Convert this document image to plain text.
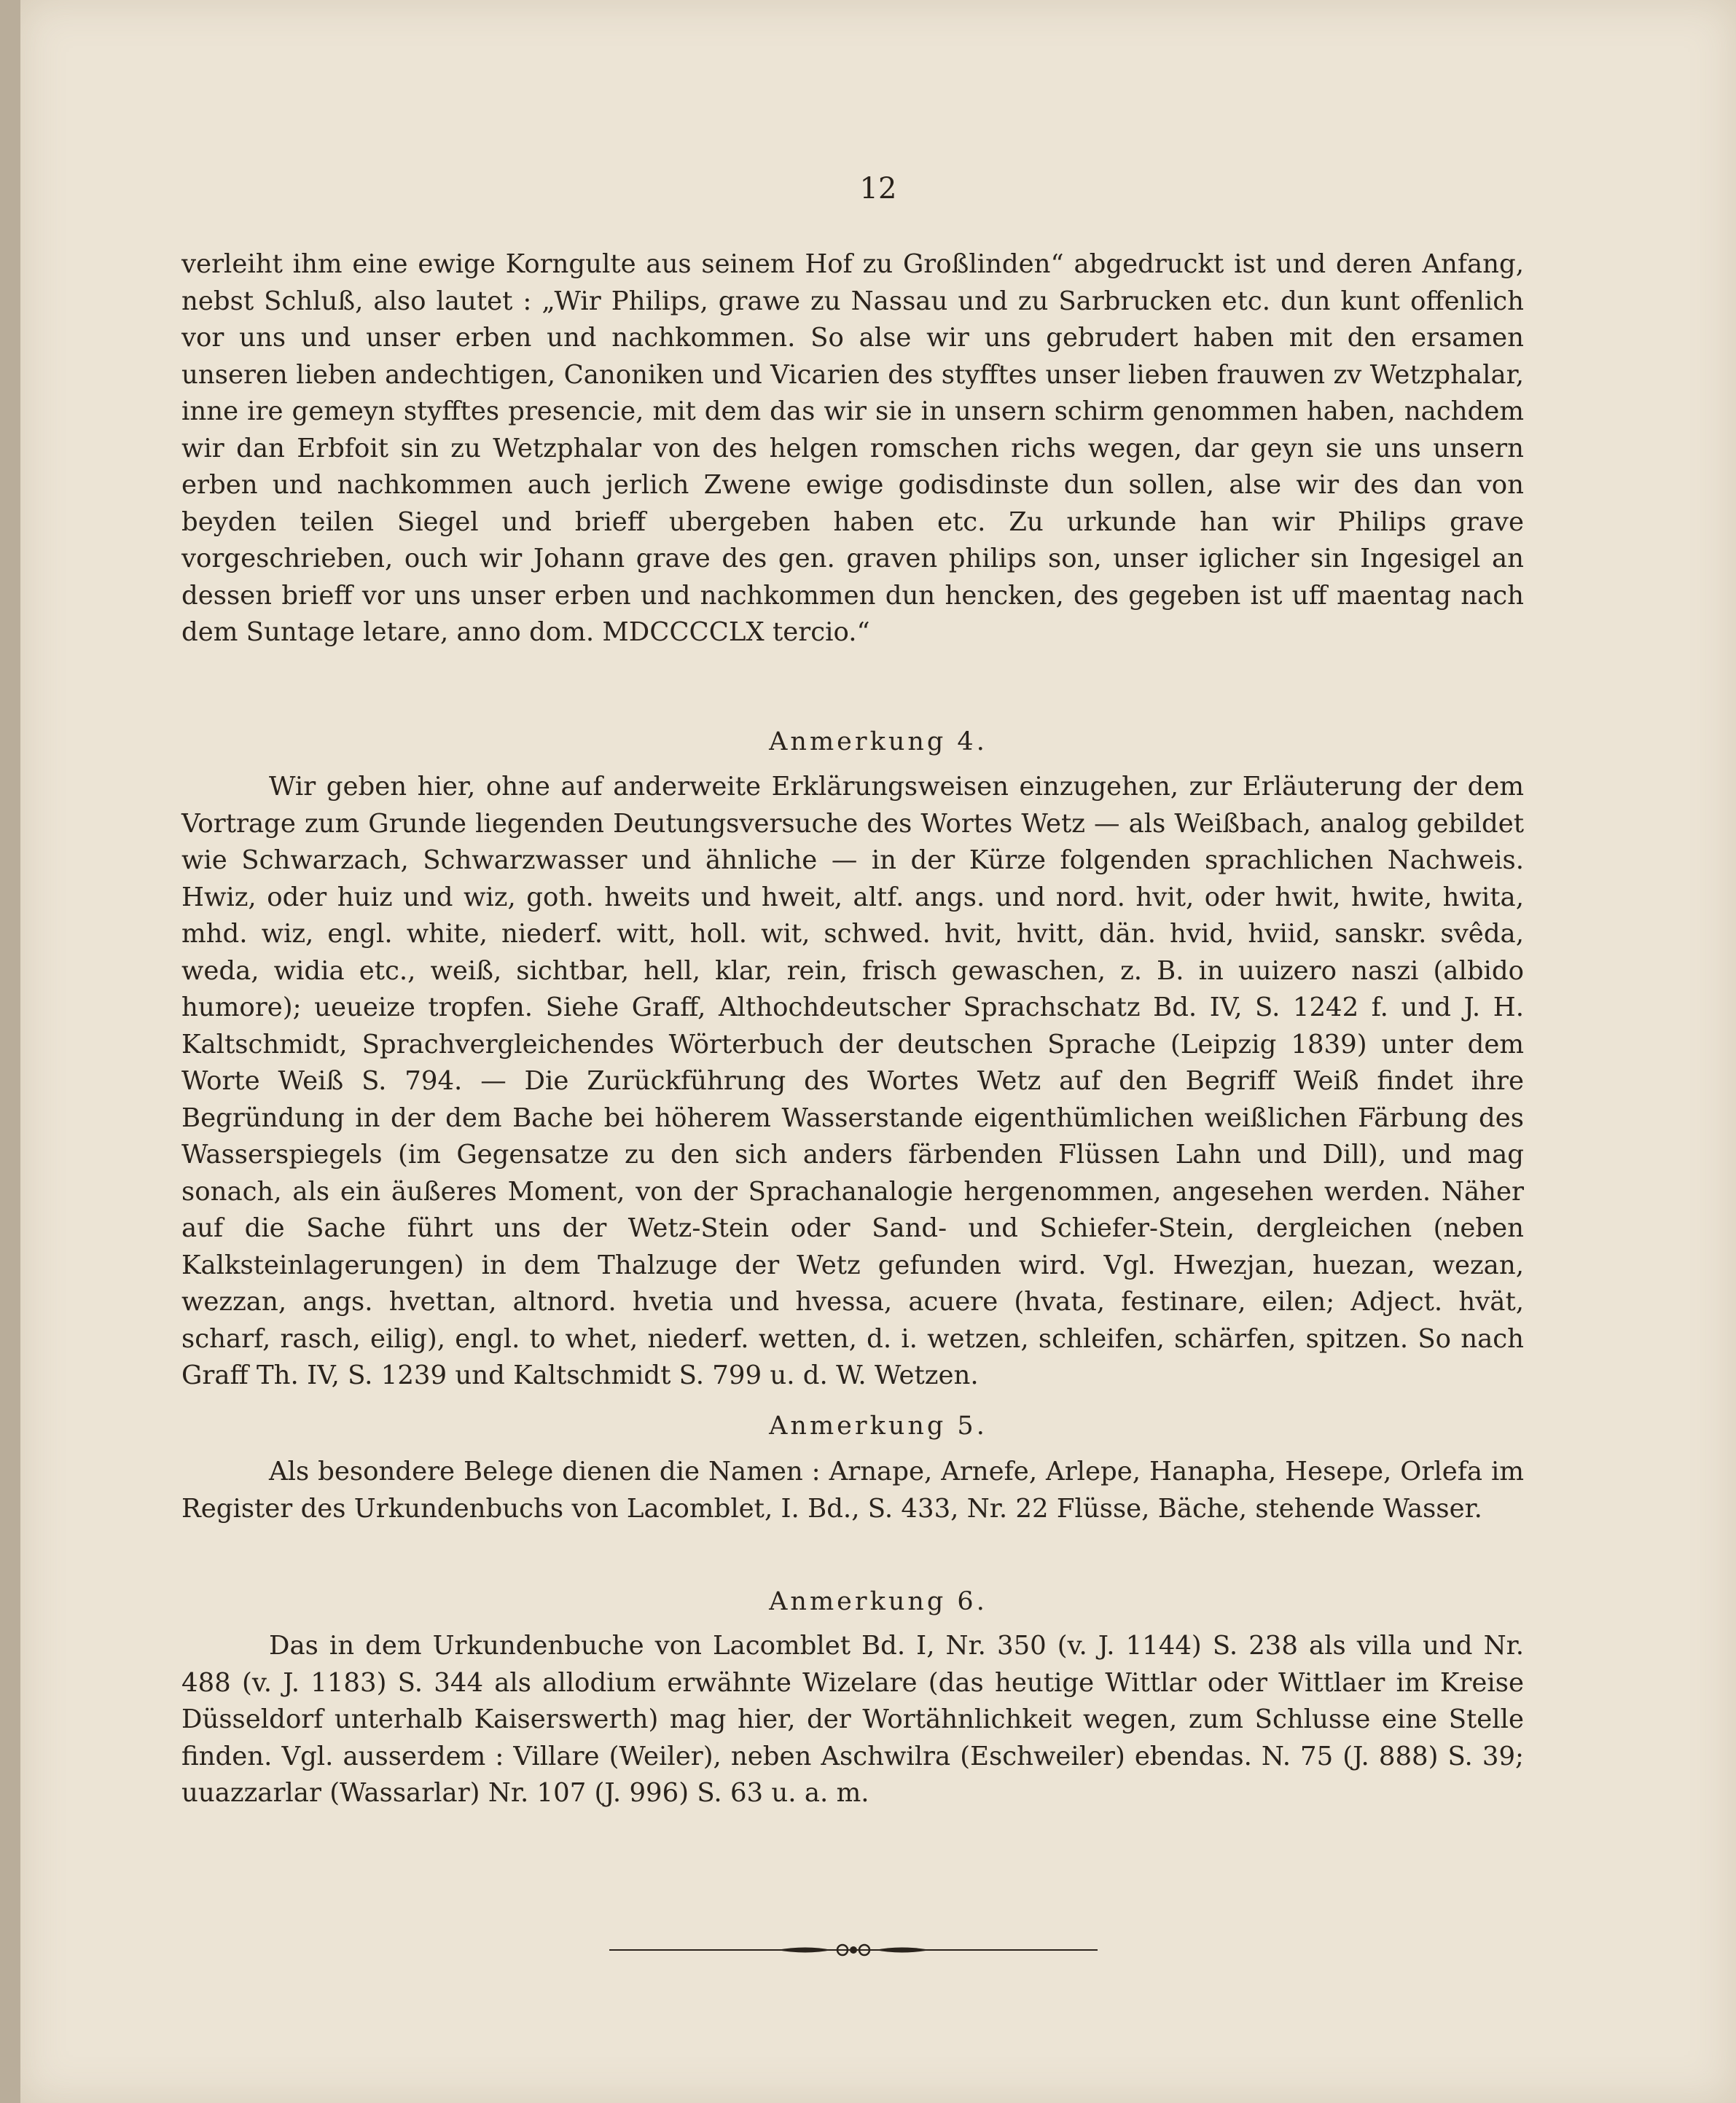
12

verleiht ihm eine ewige Korngulte aus seinem Hof zu Großlinden“ abgedruckt ist und deren Anfang, nebst Schluß, also lautet : „Wir Philips, grawe zu Nassau und zu Sarbrucken etc. dun kunt offenlich vor uns und unser erben und nachkommen. So alse wir uns gebrudert haben mit den ersamen unseren lieben andechtigen, Canoniken und Vicarien des styfftes unser lieben frauwen zv Wetzphalar, inne ire gemeyn styfftes presencie, mit dem das wir sie in unsern schirm genommen haben, nachdem wir dan Erbfoit sin zu Wetzphalar von des helgen romschen richs wegen, dar geyn sie uns unsern erben und nachkommen auch jerlich Zwene ewige godisdinste dun sollen, alse wir des dan von beyden teilen Siegel und brieff ubergeben haben etc. Zu urkunde han wir Philips grave vorgeschrieben, ouch wir Johann grave des gen. graven philips son, unser iglicher sin Ingesigel an dessen brieff vor uns unser erben und nachkommen dun hencken, des gegeben ist uff maentag nach dem Suntage letare, anno dom. MDCCCCLX tercio.“

Anmerkung 4.

Wir geben hier, ohne auf anderweite Erklärungsweisen einzugehen, zur Erläuterung der dem Vortrage zum Grunde liegenden Deutungsversuche des Wortes Wetz — als Weißbach, analog gebildet wie Schwarzach, Schwarzwasser und ähnliche — in der Kürze folgenden sprachlichen Nachweis. Hwiz, oder huiz und wiz, goth. hweits und hweit, altf. angs. und nord. hvit, oder hwit, hwite, hwita, mhd. wiz, engl. white, niederf. witt, holl. wit, schwed. hvit, hvitt, dän. hvid, hviid, sanskr. svêda, weda, widia etc., weiß, sichtbar, hell, klar, rein, frisch gewaschen, z. B. in uuizero naszi (albido humore); ueueize tropfen. Siehe Graff, Althochdeutscher Sprachschatz Bd. IV, S. 1242 f. und J. H. Kaltschmidt, Sprachvergleichendes Wörterbuch der deutschen Sprache (Leipzig 1839) unter dem Worte Weiß S. 794. — Die Zurückführung des Wortes Wetz auf den Begriff Weiß findet ihre Begründung in der dem Bache bei höherem Wasserstande eigenthümlichen weißlichen Färbung des Wasserspiegels (im Gegensatze zu den sich anders färbenden Flüssen Lahn und Dill), und mag sonach, als ein äußeres Moment, von der Sprachanalogie hergenommen, angesehen werden. Näher auf die Sache führt uns der Wetz-Stein oder Sand- und Schiefer-Stein, dergleichen (neben Kalksteinlagerungen) in dem Thalzuge der Wetz gefunden wird. Vgl. Hwezjan, huezan, wezan, wezzan, angs. hvettan, altnord. hvetia und hvessa, acuere (hvata, festinare, eilen; Adject. hvät, scharf, rasch, eilig), engl. to whet, niederf. wetten, d. i. wetzen, schleifen, schärfen, spitzen. So nach Graff Th. IV, S. 1239 und Kaltschmidt S. 799 u. d. W. Wetzen.

Anmerkung 5.

Als besondere Belege dienen die Namen : Arnape, Arnefe, Arlepe, Hanapha, Hesepe, Orlefa im Register des Urkundenbuchs von Lacomblet, I. Bd., S. 433, Nr. 22 Flüsse, Bäche, stehende Wasser.

Anmerkung 6.

Das in dem Urkundenbuche von Lacomblet Bd. I, Nr. 350 (v. J. 1144) S. 238 als villa und Nr. 488 (v. J. 1183) S. 344 als allodium erwähnte Wizelare (das heutige Wittlar oder Wittlaer im Kreise Düsseldorf unterhalb Kaiserswerth) mag hier, der Wortähnlichkeit wegen, zum Schlusse eine Stelle finden. Vgl. ausserdem : Villare (Weiler), neben Aschwilra (Eschweiler) ebendas. N. 75 (J. 888) S. 39; uuazzarlar (Wassarlar) Nr. 107 (J. 996) S. 63 u. a. m.
